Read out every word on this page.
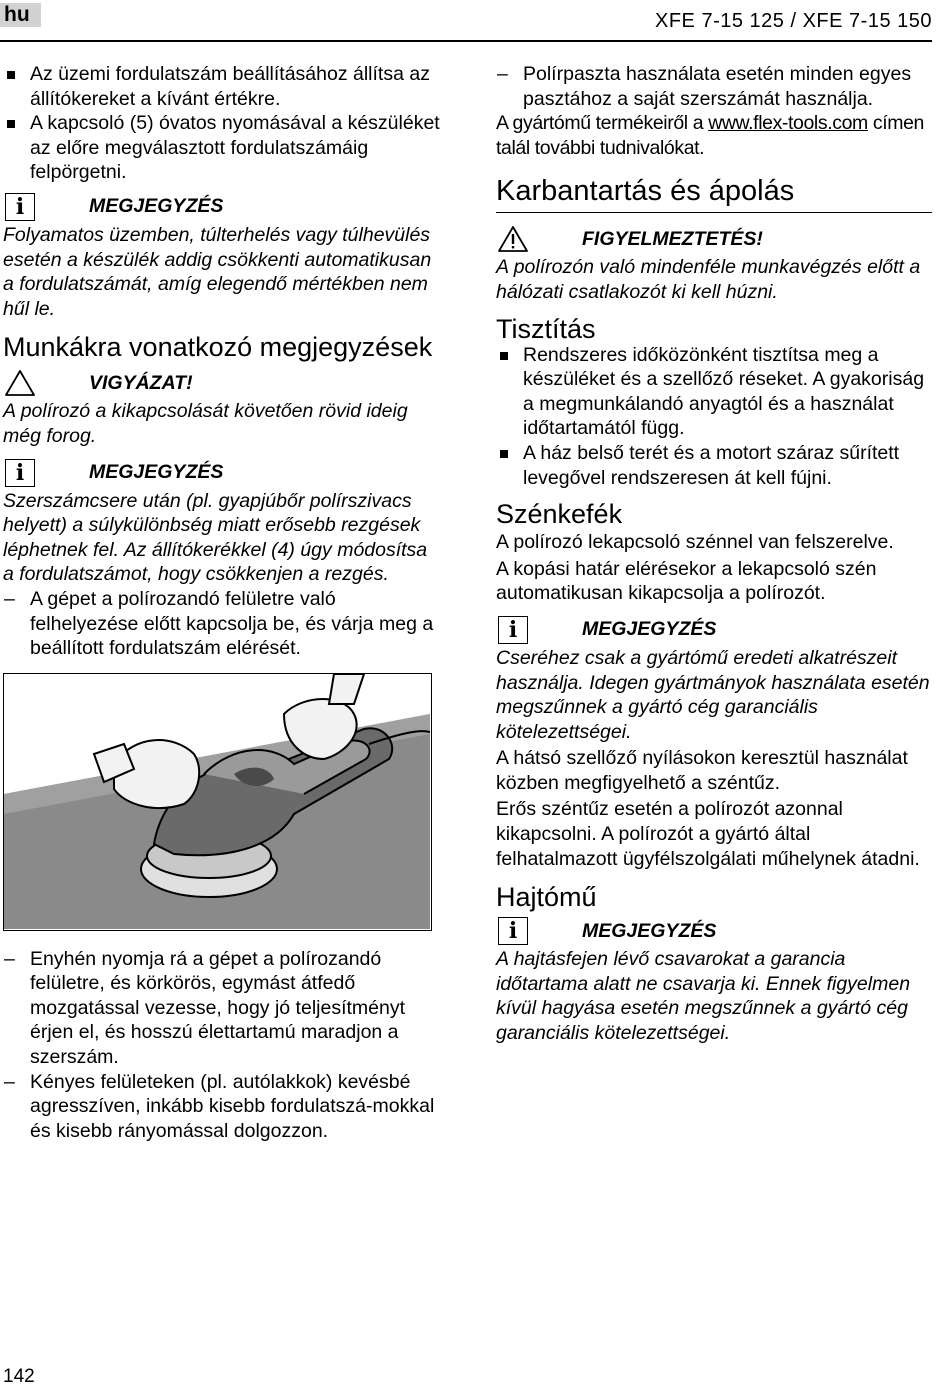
hu	XFE 7-15 125 / XFE 7-15 150
Az üzemi fordulatszám beállításához állítsa az állítókereket a kívánt értékre.
A kapcsoló (5) óvatos nyomásával a készüléket az előre megválasztott fordulatszámáig felpörgetni.
i	MEGJEGYZÉS

Folyamatos üzemben, túlterhelés vagy túlhevülés esetén a készülék addig csökkenti automatikusan a fordulatszámát, amíg elegendő mértékben nem hűl le.

Munkákra vonatkozó megjegyzések
VIGYÁZAT!

A polírozó a kikapcsolását követően rövid ideig még forog.

i	MEGJEGYZÉS

Szerszámcsere után (pl. gyapjúbőr polírszivacs helyett) a súlykülönbség miatt erősebb rezgések léphetnek fel. Az állítókerékkel (4) úgy módosítsa a fordulatszámot, hogy csökkenjen a rezgés.

– A gépet a polírozandó felületre való felhelyezése előtt kapcsolja be, és várja meg a beállított fordulatszám elérését.
– Enyhén nyomja rá a gépet a polírozandó felületre, és körkörös, egymást átfedő mozgatással vezesse, hogy jó teljesítményt érjen el, és hosszú élettartamú maradjon a szerszám.
– Kényes felületeken (pl. autólakkok) kevésbé agresszíven, inkább kisebb fordulatszá-mokkal és kisebb rányomással dolgozzon.
– Polírpaszta használata esetén minden egyes pasztához a saját szerszámát használja.

A gyártómű termékeiről a www.flex-tools.com címen talál további tudnivalókat.

Karbantartás és ápolás
FIGYELMEZTETÉS!

A polírozón való mindenféle munkavégzés előtt a hálózati csatlakozót ki kell húzni.

Tisztítás
Rendszeres időközönként tisztítsa meg a készüléket és a szellőző réseket. A gyakoriság a megmunkálandó anyagtól és a használat időtartamától függ.
A ház belső terét és a motort száraz sűrített levegővel rendszeresen át kell fújni.
Szénkefék

A polírozó lekapcsoló szénnel van felszerelve.

A kopási határ elérésekor a lekapcsoló szén automatikusan kikapcsolja a polírozót.

i	MEGJEGYZÉS

Cseréhez csak a gyártómű eredeti alkatrészeit használja. Idegen gyártmányok használata esetén megszűnnek a gyártó cég garanciális kötelezettségei.

A hátsó szellőző nyílásokon keresztül használat közben megfigyelhető a széntűz.

Erős széntűz esetén a polírozót azonnal kikapcsolni. A polírozót a gyártó által felhatalmazott ügyfélszolgálati műhelynek átadni.

Hajtómű
i	MEGJEGYZÉS

A hajtásfejen lévő csavarokat a garancia időtartama alatt ne csavarja ki. Ennek figyelmen kívül hagyása esetén megszűnnek a gyártó cég garanciális kötelezettségei.

142
